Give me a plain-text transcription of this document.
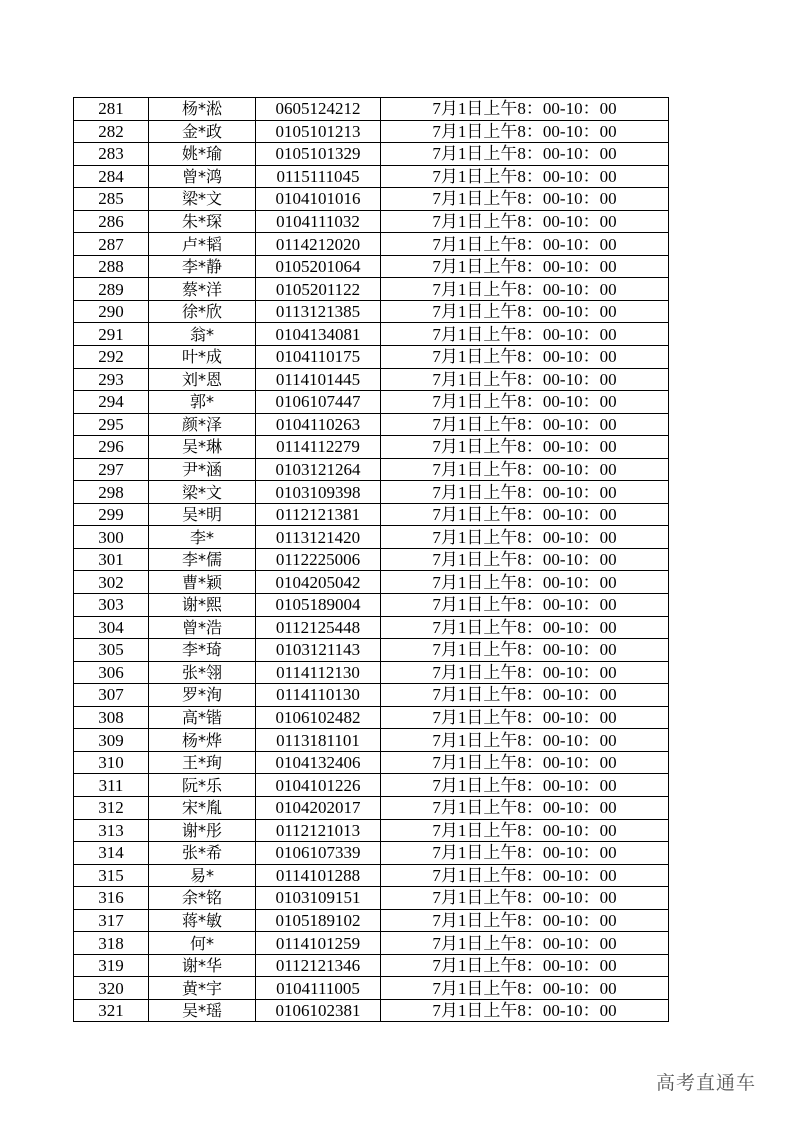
281	杨*淞	0605124212	7月1日上午8：00-10：00
282	金*政	0105101213	7月1日上午8：00-10：00
283	姚*瑜	0105101329	7月1日上午8：00-10：00
284	曾*鸿	0115111045	7月1日上午8：00-10：00
285	梁*文	0104101016	7月1日上午8：00-10：00
286	朱*琛	0104111032	7月1日上午8：00-10：00
287	卢*韬	0114212020	7月1日上午8：00-10：00
288	李*静	0105201064	7月1日上午8：00-10：00
289	蔡*洋	0105201122	7月1日上午8：00-10：00
290	徐*欣	0113121385	7月1日上午8：00-10：00
291	翁*	0104134081	7月1日上午8：00-10：00
292	叶*成	0104110175	7月1日上午8：00-10：00
293	刘*恩	0114101445	7月1日上午8：00-10：00
294	郭*	0106107447	7月1日上午8：00-10：00
295	颜*泽	0104110263	7月1日上午8：00-10：00
296	吴*琳	0114112279	7月1日上午8：00-10：00
297	尹*涵	0103121264	7月1日上午8：00-10：00
298	梁*文	0103109398	7月1日上午8：00-10：00
299	吴*明	0112121381	7月1日上午8：00-10：00
300	李*	0113121420	7月1日上午8：00-10：00
301	李*儒	0112225006	7月1日上午8：00-10：00
302	曹*颖	0104205042	7月1日上午8：00-10：00
303	谢*熙	0105189004	7月1日上午8：00-10：00
304	曾*浩	0112125448	7月1日上午8：00-10：00
305	李*琦	0103121143	7月1日上午8：00-10：00
306	张*翎	0114112130	7月1日上午8：00-10：00
307	罗*洵	0114110130	7月1日上午8：00-10：00
308	高*锴	0106102482	7月1日上午8：00-10：00
309	杨*烨	0113181101	7月1日上午8：00-10：00
310	王*珣	0104132406	7月1日上午8：00-10：00
311	阮*乐	0104101226	7月1日上午8：00-10：00
312	宋*胤	0104202017	7月1日上午8：00-10：00
313	谢*彤	0112121013	7月1日上午8：00-10：00
314	张*希	0106107339	7月1日上午8：00-10：00
315	易*	0114101288	7月1日上午8：00-10：00
316	余*铭	0103109151	7月1日上午8：00-10：00
317	蒋*敏	0105189102	7月1日上午8：00-10：00
318	何*	0114101259	7月1日上午8：00-10：00
319	谢*华	0112121346	7月1日上午8：00-10：00
320	黄*宇	0104111005	7月1日上午8：00-10：00
321	吴*瑶	0106102381	7月1日上午8：00-10：00
高考直通车
